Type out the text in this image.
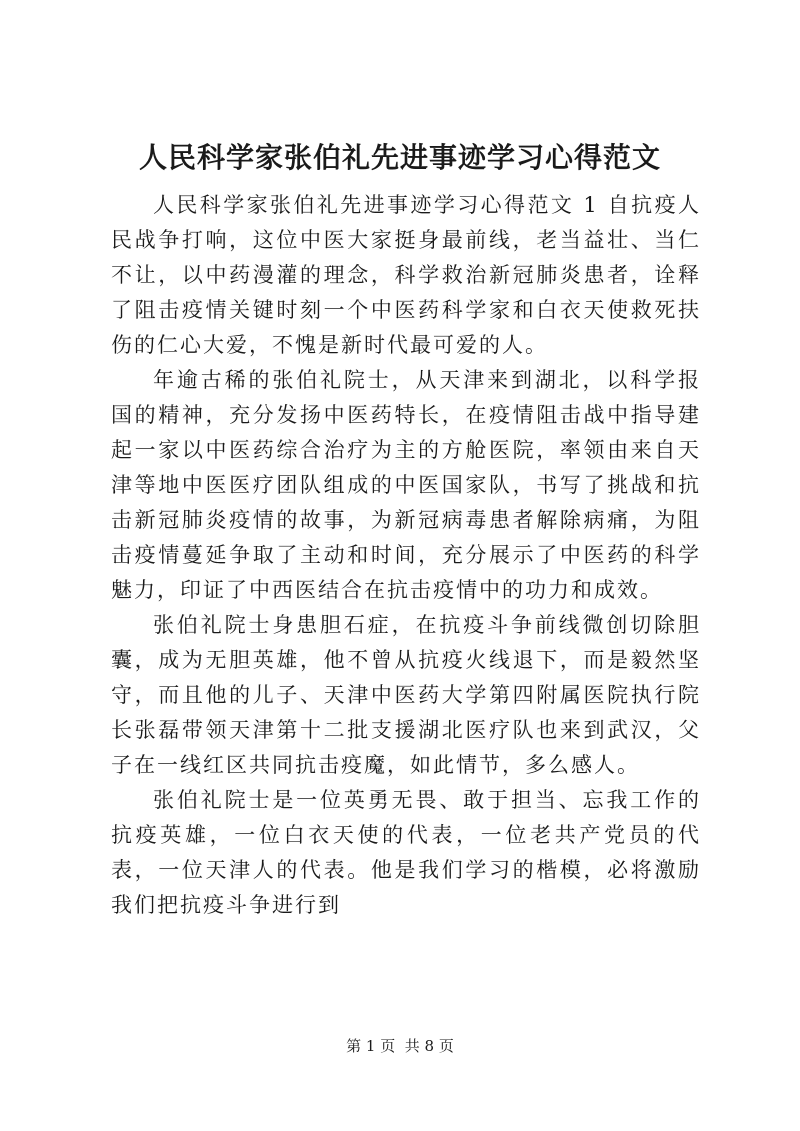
人民科学家张伯礼先进事迹学习心得范文

人民科学家张伯礼先进事迹学习心得范文 1 自抗疫人民战争打响，这位中医大家挺身最前线，老当益壮、当仁不让，以中药漫灌的理念，科学救治新冠肺炎患者，诠释了阻击疫情关键时刻一个中医药科学家和白衣天使救死扶伤的仁心大爱，不愧是新时代最可爱的人。

年逾古稀的张伯礼院士，从天津来到湖北，以科学报国的精神，充分发扬中医药特长，在疫情阻击战中指导建起一家以中医药综合治疗为主的方舱医院，率领由来自天津等地中医医疗团队组成的中医国家队，书写了挑战和抗击新冠肺炎疫情的故事，为新冠病毒患者解除病痛，为阻击疫情蔓延争取了主动和时间，充分展示了中医药的科学魅力，印证了中西医结合在抗击疫情中的功力和成效。

张伯礼院士身患胆石症，在抗疫斗争前线微创切除胆囊，成为无胆英雄，他不曾从抗疫火线退下，而是毅然坚守，而且他的儿子、天津中医药大学第四附属医院执行院长张磊带领天津第十二批支援湖北医疗队也来到武汉，父子在一线红区共同抗击疫魔，如此情节，多么感人。

张伯礼院士是一位英勇无畏、敢于担当、忘我工作的抗疫英雄，一位白衣天使的代表，一位老共产党员的代表，一位天津人的代表。他是我们学习的楷模，必将激励我们把抗疫斗争进行到

第 1 页  共 8 页
